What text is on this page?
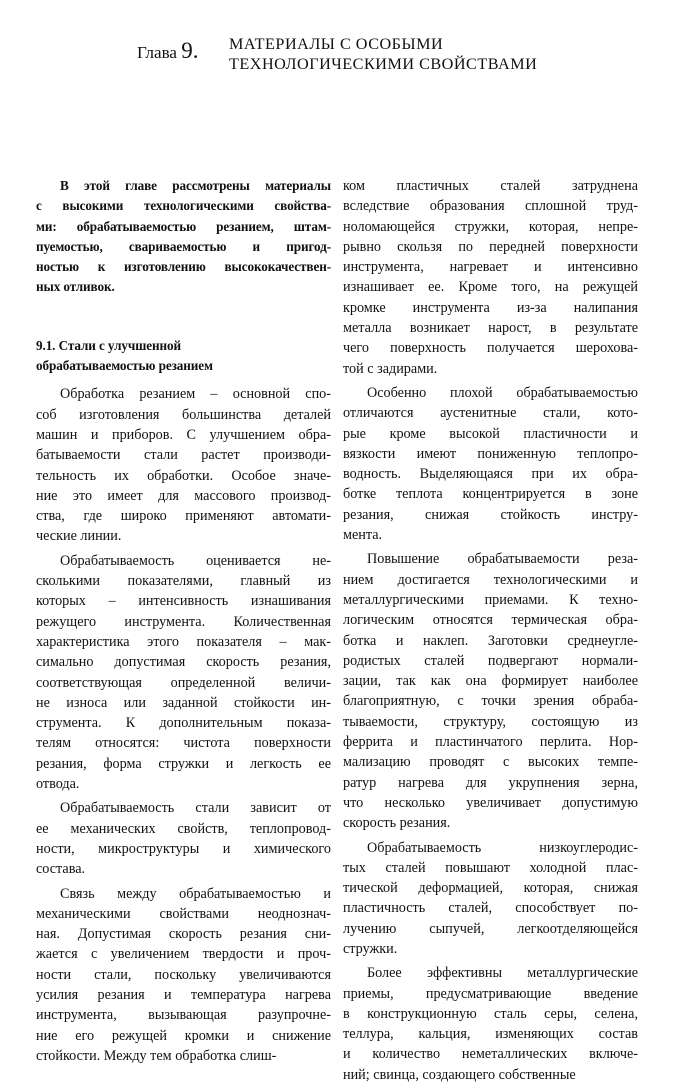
Глава 9. МАТЕРИАЛЫ С ОСОБЫМИ
ТЕХНОЛОГИЧЕСКИМИ СВОЙСТВАМИ
В этой главе рассмотрены материалы
с высокими технологическими свойства-
ми: обрабатываемостью резанием, штам-
пуемостью, свариваемостью и пригод-
ностью к изготовлению высококачествен-
ных отливок.
9.1. Стали с улучшенной
обрабатываемостью резанием
Обработка резанием – основной спо-
соб изготовления большинства деталей
машин и приборов. С улучшением обра-
батываемости стали растет производи-
тельность их обработки. Особое значе-
ние это имеет для массового производ-
ства, где широко применяют автомати-
ческие линии.
Обрабатываемость оценивается не-
сколькими показателями, главный из
которых – интенсивность изнашивания
режущего инструмента. Количественная
характеристика этого показателя – мак-
симально допустимая скорость резания,
соответствующая определенной величи-
не износа или заданной стойкости ин-
струмента. К дополнительным показа-
телям относятся: чистота поверхности
резания, форма стружки и легкость ее
отвода.
Обрабатываемость стали зависит от
ее механических свойств, теплопровод-
ности, микроструктуры и химического
состава.
Связь между обрабатываемостью и
механическими свойствами неоднознач-
ная. Допустимая скорость резания сни-
жается с увеличением твердости и проч-
ности стали, поскольку увеличиваются
усилия резания и температура нагрева
инструмента, вызывающая разупрочне-
ние его режущей кромки и снижение
стойкости. Между тем обработка слиш-
ком пластичных сталей затруднена
вследствие образования сплошной труд-
ноломающейся стружки, которая, непре-
рывно скользя по передней поверхности
инструмента, нагревает и интенсивно
изнашивает ее. Кроме того, на режущей
кромке инструмента из-за налипания
металла возникает нарост, в результате
чего поверхность получается шерохова-
той с задирами.
Особенно плохой обрабатываемостью
отличаются аустенитные стали, кото-
рые кроме высокой пластичности и
вязкости имеют пониженную теплопро-
водность. Выделяющаяся при их обра-
ботке теплота концентрируется в зоне
резания, снижая стойкость инстру-
мента.
Повышение обрабатываемости реза-
нием достигается технологическими и
металлургическими приемами. К техно-
логическим относятся термическая обра-
ботка и наклеп. Заготовки среднеугле-
родистых сталей подвергают нормали-
зации, так как она формирует наиболее
благоприятную, с точки зрения обраба-
тываемости, структуру, состоящую из
феррита и пластинчатого перлита. Нор-
мализацию проводят с высоких темпе-
ратур нагрева для укрупнения зерна,
что несколько увеличивает допустимую
скорость резания.
Обрабатываемость низкоуглеродис-
тых сталей повышают холодной плас-
тической деформацией, которая, снижая
пластичность сталей, способствует по-
лучению сыпучей, легкоотделяющейся
стружки.
Более эффективны металлургические
приемы, предусматривающие введение
в конструкционную сталь серы, селена,
теллура, кальция, изменяющих состав
и количество неметаллических включе-
ний; свинца, создающего собственные
